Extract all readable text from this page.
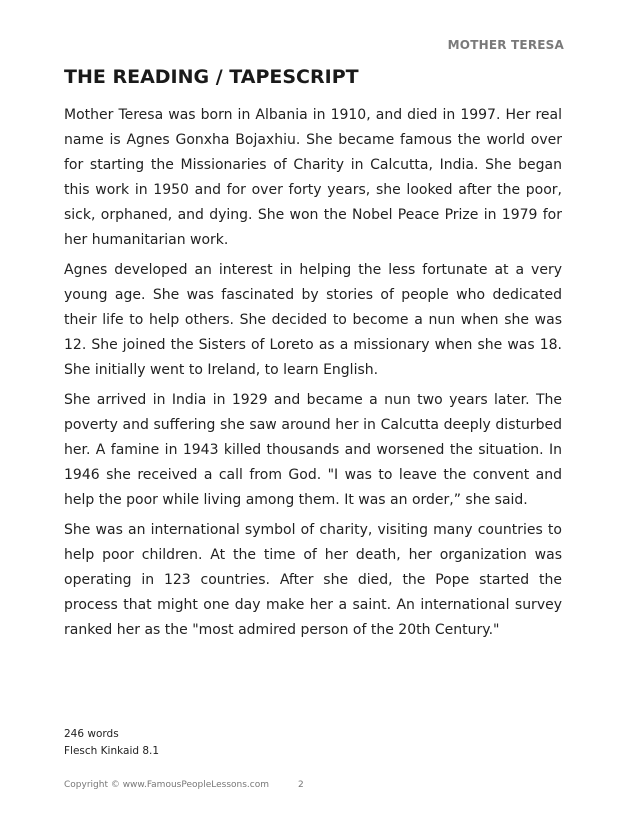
MOTHER TERESA
THE READING / TAPESCRIPT

Mother Teresa was born in Albania in 1910, and died in 1997. Her real name is Agnes Gonxha Bojaxhiu. She became famous the world over for starting the Missionaries of Charity in Calcutta, India. She began this work in 1950 and for over forty years, she looked after the poor, sick, orphaned, and dying. She won the Nobel Peace Prize in 1979 for her humanitarian work.

Agnes developed an interest in helping the less fortunate at a very young age. She was fascinated by stories of people who dedicated their life to help others. She decided to become a nun when she was 12. She joined the Sisters of Loreto as a missionary when she was 18. She initially went to Ireland, to learn English.

She arrived in India in 1929 and became a nun two years later. The poverty and suffering she saw around her in Calcutta deeply disturbed her. A famine in 1943 killed thousands and worsened the situation. In 1946 she received a call from God. "I was to leave the convent and help the poor while living among them. It was an order,” she said.

She was an international symbol of charity, visiting many countries to help poor children. At the time of her death, her organization was operating in 123 countries. After she died, the Pope started the process that might one day make her a saint. An international survey ranked her as the "most admired person of the 20th Century."

246 words
Flesch Kinkaid 8.1
Copyright © www.FamousPeopleLessons.com	2
